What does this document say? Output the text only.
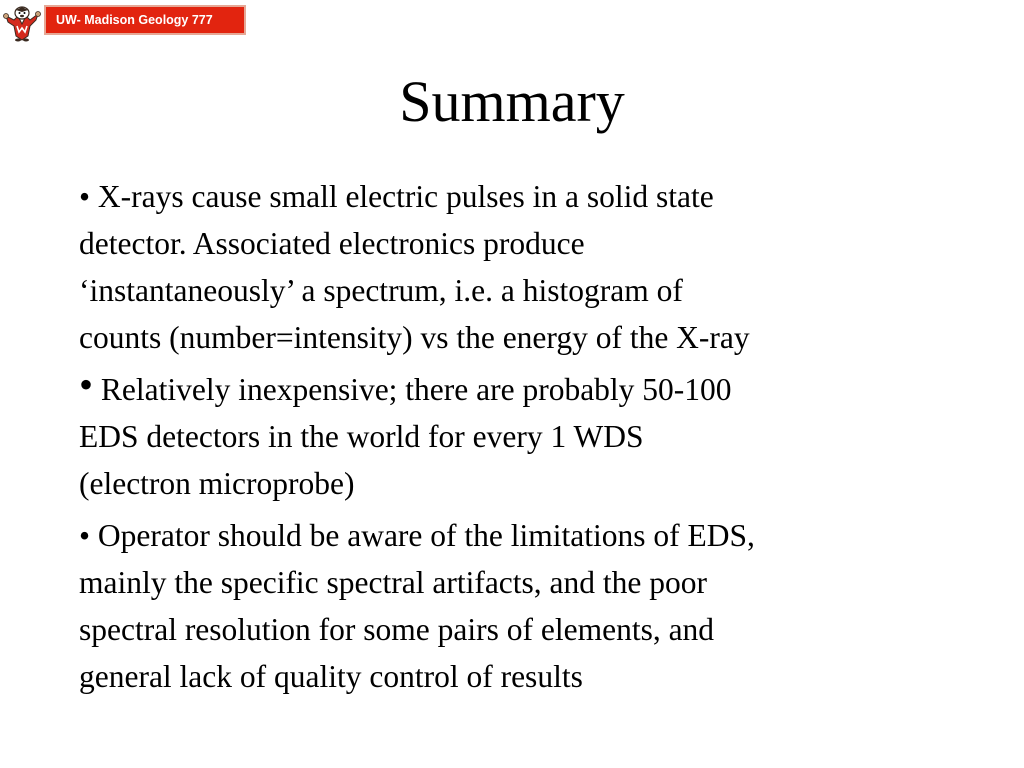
UW- Madison Geology 777
Summary
• X-rays cause small electric pulses in a solid state
detector. Associated electronics produce
‘instantaneously’ a spectrum, i.e. a histogram of
counts (number=intensity) vs the energy of the X-ray
• Relatively inexpensive; there are probably 50-100
EDS detectors in the world for every 1 WDS
(electron microprobe)
• Operator should be aware of the limitations of EDS,
mainly the specific spectral artifacts, and the poor
spectral resolution for some pairs of elements, and
general lack of quality control of results
